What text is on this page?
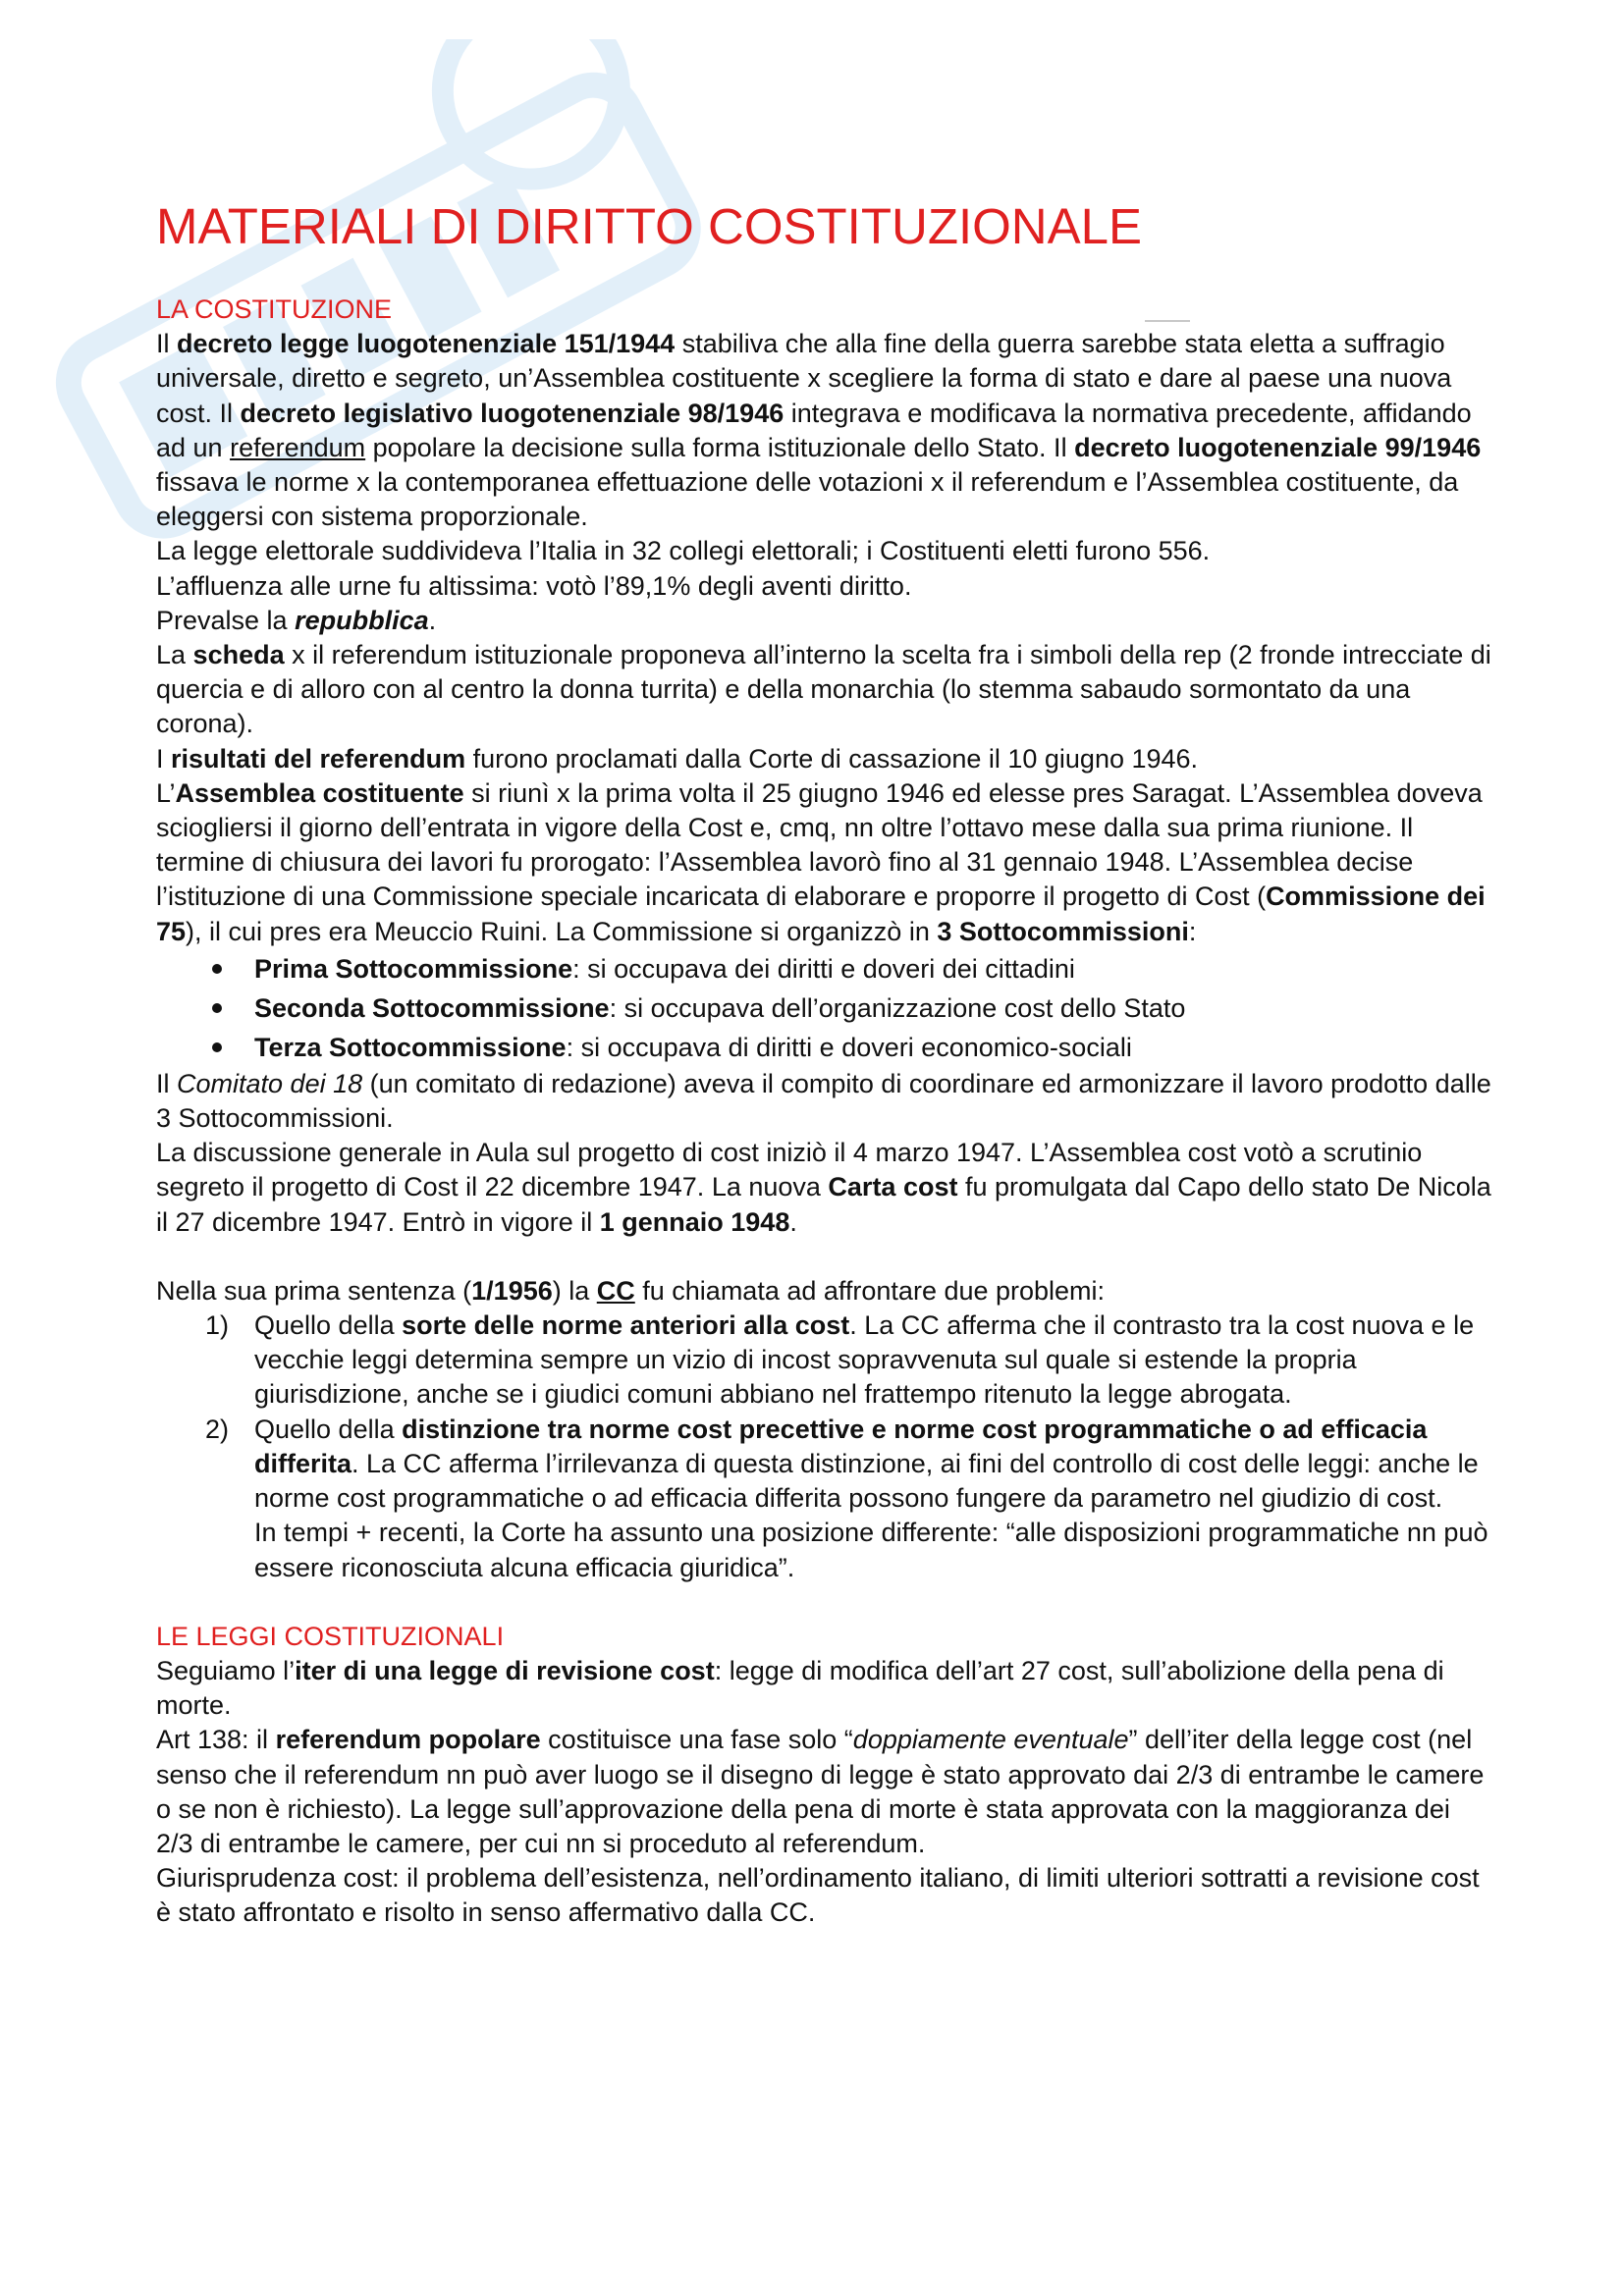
MATERIALI DI DIRITTO COSTITUZIONALE

LA COSTITUZIONE

Il decreto legge luogotenenziale 151/1944 stabiliva che alla fine della guerra sarebbe stata eletta a suffragio universale, diretto e segreto, un’Assemblea costituente x scegliere la forma di stato e dare al paese una nuova cost. Il decreto legislativo luogotenenziale 98/1946 integrava e modificava la normativa precedente, affidando ad un referendum popolare la decisione sulla forma istituzionale dello Stato. Il decreto luogotenenziale 99/1946 fissava le norme x la contemporanea effettuazione delle votazioni x il referendum e l’Assemblea costituente, da eleggersi con sistema proporzionale.

La legge elettorale suddivideva l’Italia in 32 collegi elettorali; i Costituenti eletti furono 556.

L’affluenza alle urne fu altissima: votò l’89,1% degli aventi diritto.

Prevalse la repubblica.

La scheda x il referendum istituzionale proponeva all’interno la scelta fra i simboli della rep (2 fronde intrecciate di quercia e di alloro con al centro la donna turrita) e della monarchia (lo stemma sabaudo sormontato da una corona).

I risultati del referendum furono proclamati dalla Corte di cassazione il 10 giugno 1946.

L’Assemblea costituente si riunì x la prima volta il 25 giugno 1946 ed elesse pres Saragat. L’Assemblea doveva sciogliersi il giorno dell’entrata in vigore della Cost e, cmq, nn oltre l’ottavo mese dalla sua prima riunione. Il termine di chiusura dei lavori fu prorogato: l’Assemblea lavorò fino al 31 gennaio 1948. L’Assemblea decise l’istituzione di una Commissione speciale incaricata di elaborare e proporre il progetto di Cost (Commissione dei 75), il cui pres era Meuccio Ruini. La Commissione si organizzò in 3 Sottocommissioni:

Prima Sottocommissione: si occupava dei diritti e doveri dei cittadini
Seconda Sottocommissione: si occupava dell’organizzazione cost dello Stato
Terza Sottocommissione: si occupava di diritti e doveri economico-sociali

Il Comitato dei 18 (un comitato di redazione) aveva il compito di coordinare ed armonizzare il lavoro prodotto dalle 3 Sottocommissioni.

La discussione generale in Aula sul progetto di cost iniziò il 4 marzo 1947. L’Assemblea cost votò a scrutinio segreto il progetto di Cost il 22 dicembre 1947. La nuova Carta cost fu promulgata dal Capo dello stato De Nicola il 27 dicembre 1947. Entrò in vigore il 1 gennaio 1948.

Nella sua prima sentenza (1/1956) la CC fu chiamata ad affrontare due problemi:

1) Quello della sorte delle norme anteriori alla cost. La CC afferma che il contrasto tra la cost nuova e le vecchie leggi determina sempre un vizio di incost sopravvenuta sul quale si estende la propria giurisdizione, anche se i giudici comuni abbiano nel frattempo ritenuto la legge abrogata.
2) Quello della distinzione tra norme cost precettive e norme cost programmatiche o ad efficacia differita. La CC afferma l’irrilevanza di questa distinzione, ai fini del controllo di cost delle leggi: anche le norme cost programmatiche o ad efficacia differita possono fungere da parametro nel giudizio di cost.
In tempi + recenti, la Corte ha assunto una posizione differente: “alle disposizioni programmatiche nn può essere riconosciuta alcuna efficacia giuridica”.

LE LEGGI COSTITUZIONALI

Seguiamo l’iter di una legge di revisione cost: legge di modifica dell’art 27 cost, sull’abolizione della pena di morte.

Art 138: il referendum popolare costituisce una fase solo “doppiamente eventuale” dell’iter della legge cost (nel senso che il referendum nn può aver luogo se il disegno di legge è stato approvato dai 2/3 di entrambe le camere o se non è richiesto). La legge sull’approvazione della pena di morte è stata approvata con la maggioranza dei 2/3 di entrambe le camere, per cui nn si proceduto al referendum.

Giurisprudenza cost: il problema dell’esistenza, nell’ordinamento italiano, di limiti ulteriori sottratti a revisione cost è stato affrontato e risolto in senso affermativo dalla CC.
